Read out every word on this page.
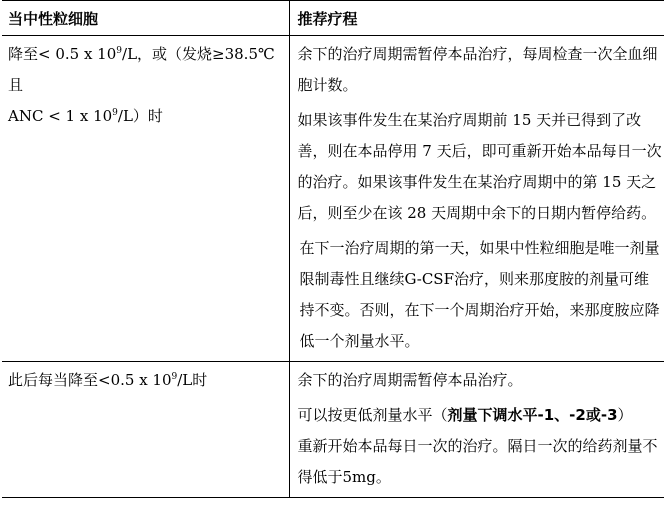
当中性粒细胞	推荐疗程
降至< 0.5 x $10^9/L$，或（发烧≥38.5℃且
ANC < 1 x $10^9/L$）时	余下的治疗周期需暂停本品治疗，每周检查一次全血细胞计数。
如果该事件发生在某治疗周期前 15 天并已得到了改善，则在本品停用 7 天后，即可重新开始本品每日一次的治疗。如果该事件发生在某治疗周期中的第 15 天之后，则至少在该 28 天周期中余下的日期内暂停给药。
在下一治疗周期的第一天，如果中性粒细胞是唯一剂量限制毒性且继续G-CSF治疗，则来那度胺的剂量可维持不变。否则，在下一个周期治疗开始，来那度胺应降低一个剂量水平。

此后每当降至<0.5 x $10^9/L$时	余下的治疗周期需暂停本品治疗。
可以按更低剂量水平（剂量下调水平-1、-2或-3）
重新开始本品每日一次的治疗。隔日一次的给药剂量不得低于5mg。
